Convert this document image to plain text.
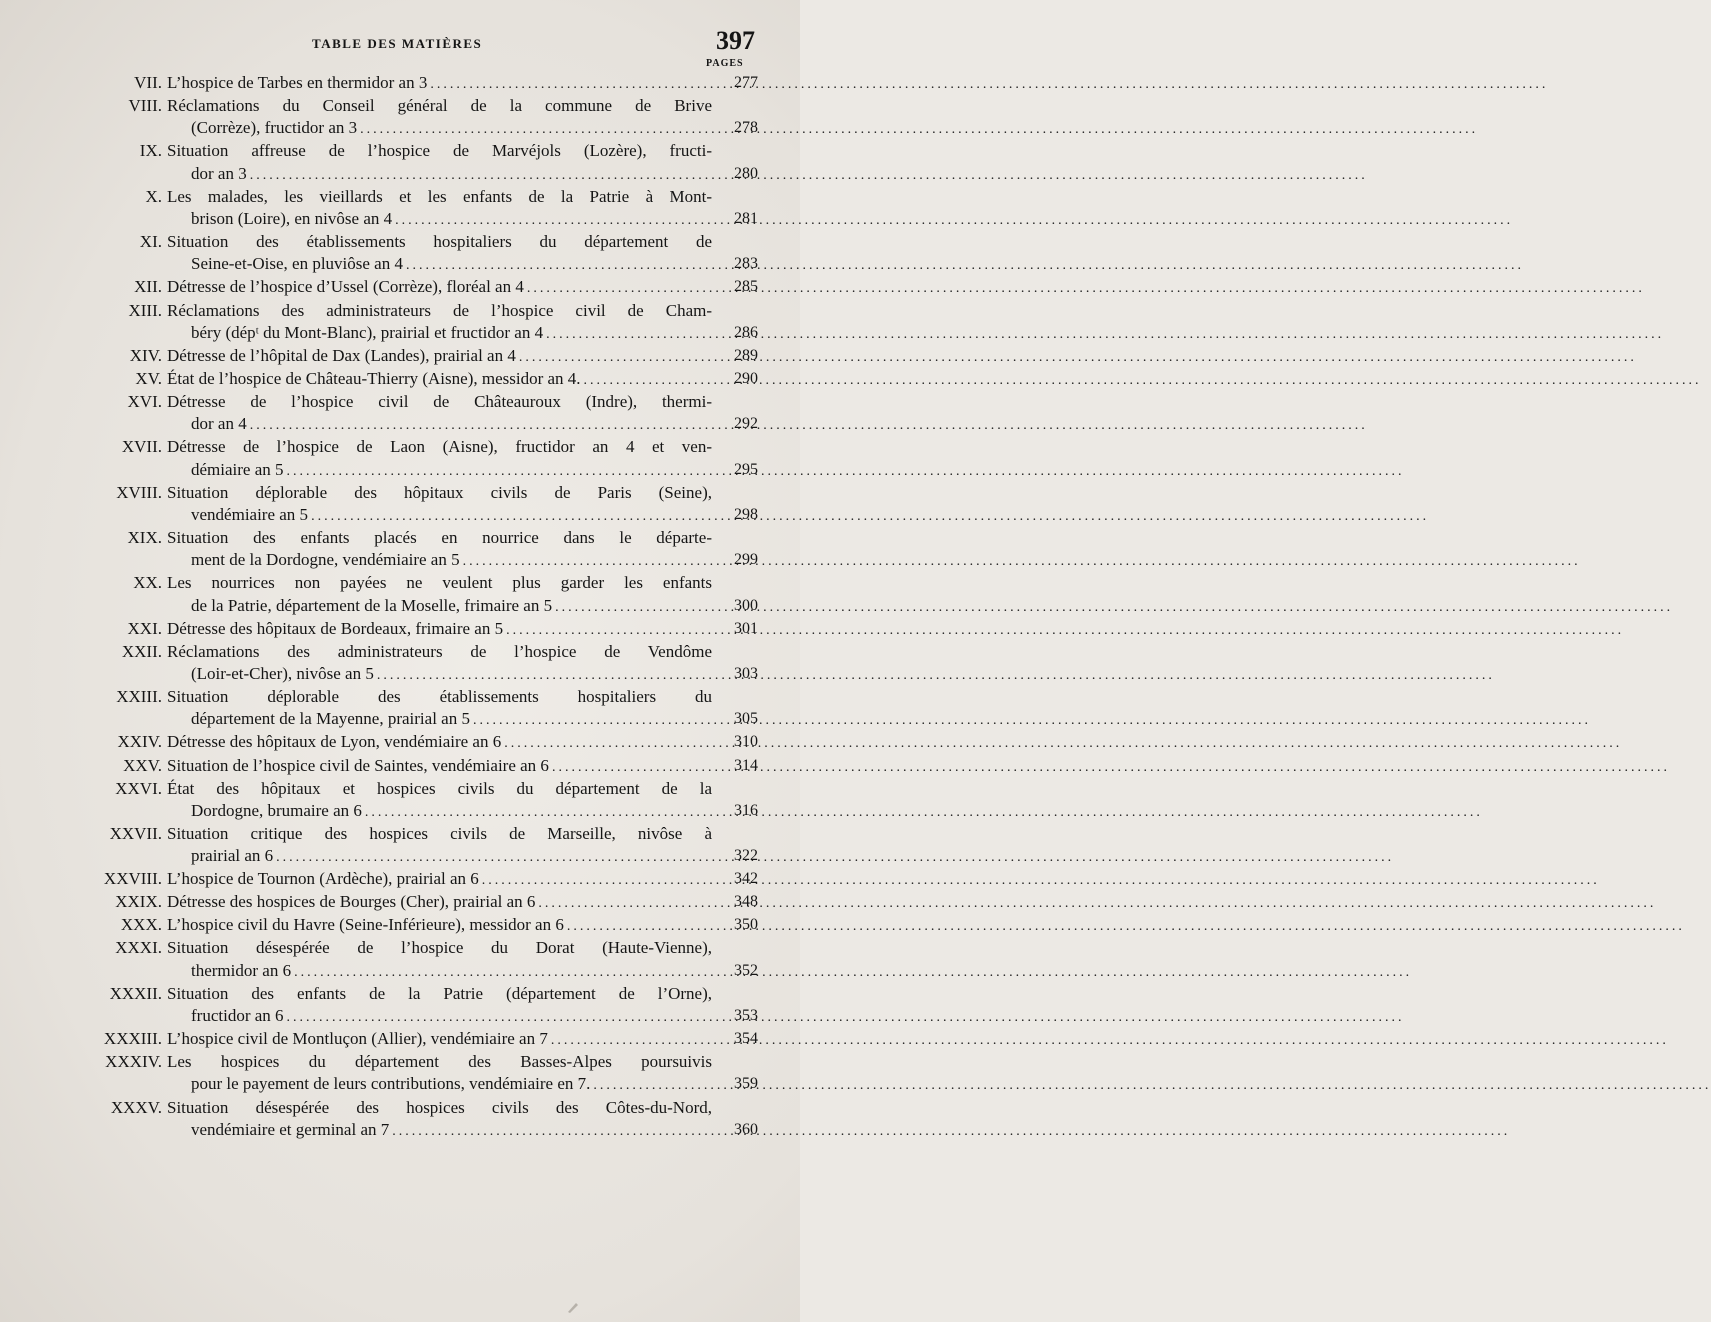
TABLE DES MATIÈRES	397
PAGES
VII. L’hospice de Tarbes en thermidor an 3 .....	277
VIII. Réclamations du Conseil général de la commune de Brive
(Corrèze), fructidor an 3 .....	278
IX. Situation affreuse de l’hospice de Marvéjols (Lozère), fructi-
dor an 3 .....	280
X. Les malades, les vieillards et les enfants de la Patrie à Mont-
brison (Loire), en nivôse an 4 .....	281
XI. Situation des établissements hospitaliers du département de
Seine-et-Oise, en pluviôse an 4 .....	283
XII. Détresse de l’hospice d’Ussel (Corrèze), floréal an 4 .....	285
XIII. Réclamations des administrateurs de l’hospice civil de Cham-
béry (dépᵗ du Mont-Blanc), prairial et fructidor an 4 .....	286
XIV. Détresse de l’hôpital de Dax (Landes), prairial an 4 .....	289
XV. État de l’hospice de Château-Thierry (Aisne), messidor an 4. .....	290
XVI. Détresse de l’hospice civil de Châteauroux (Indre), thermi-
dor an 4 .....	292
XVII. Détresse de l’hospice de Laon (Aisne), fructidor an 4 et ven-
démiaire an 5 .....	295
XVIII. Situation déplorable des hôpitaux civils de Paris (Seine),
vendémiaire an 5 .....	298
XIX. Situation des enfants placés en nourrice dans le départe-
ment de la Dordogne, vendémiaire an 5 .....	299
XX. Les nourrices non payées ne veulent plus garder les enfants
de la Patrie, département de la Moselle, frimaire an 5 .....	300
XXI. Détresse des hôpitaux de Bordeaux, frimaire an 5 .....	301
XXII. Réclamations des administrateurs de l’hospice de Vendôme
(Loir-et-Cher), nivôse an 5 .....	303
XXIII. Situation déplorable des établissements hospitaliers du
département de la Mayenne, prairial an 5 .....	305
XXIV. Détresse des hôpitaux de Lyon, vendémiaire an 6 .....	310
XXV. Situation de l’hospice civil de Saintes, vendémiaire an 6 .....	314
XXVI. État des hôpitaux et hospices civils du département de la
Dordogne, brumaire an 6 .....	316
XXVII. Situation critique des hospices civils de Marseille, nivôse à
prairial an 6 .....	322
XXVIII. L’hospice de Tournon (Ardèche), prairial an 6 .....	342
XXIX. Détresse des hospices de Bourges (Cher), prairial an 6 .....	348
XXX. L’hospice civil du Havre (Seine-Inférieure), messidor an 6 .....	350
XXXI. Situation désespérée de l’hospice du Dorat (Haute-Vienne),
thermidor an 6 .....	352
XXXII. Situation des enfants de la Patrie (département de l’Orne),
fructidor an 6 .....	353
XXXIII. L’hospice civil de Montluçon (Allier), vendémiaire an 7 .....	354
XXXIV. Les hospices du département des Basses-Alpes poursuivis
pour le payement de leurs contributions, vendémiaire en 7. .....	359
XXXV. Situation désespérée des hospices civils des Côtes-du-Nord,
vendémiaire et germinal an 7 .....	360
